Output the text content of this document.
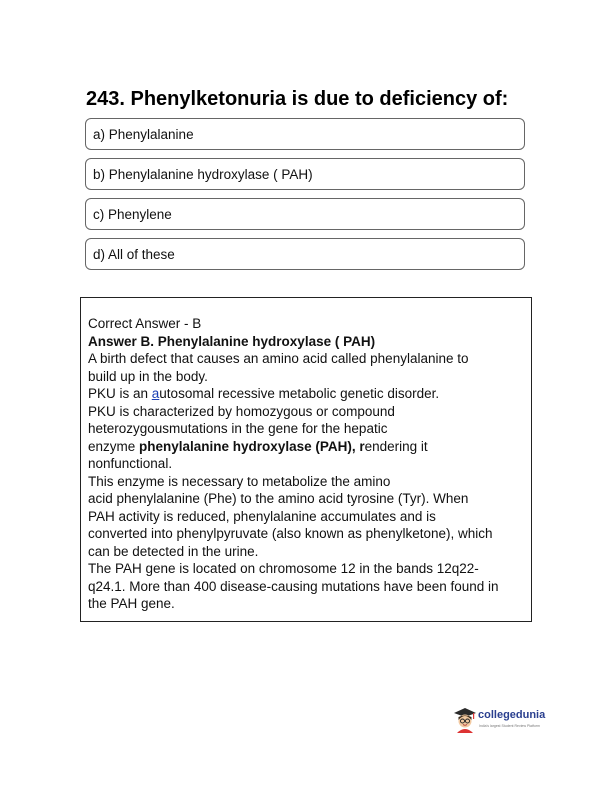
243. Phenylketonuria is due to deficiency of:
a) Phenylalanine
b) Phenylalanine hydroxylase ( PAH)
c) Phenylene
d) All of these
Correct Answer - B
Answer B. Phenylalanine hydroxylase ( PAH)
A birth defect that causes an amino acid called phenylalanine to
build up in the body.
PKU is an autosomal recessive metabolic genetic disorder.
PKU is characterized by homozygous or compound
heterozygousmutations in the gene for the hepatic
enzyme phenylalanine hydroxylase (PAH), rendering it
nonfunctional.
This enzyme is necessary to metabolize the amino
acid phenylalanine (Phe) to the amino acid tyrosine (Tyr). When
PAH activity is reduced, phenylalanine accumulates and is
converted into phenylpyruvate (also known as phenylketone), which
can be detected in the urine.
The PAH gene is located on chromosome 12 in the bands 12q22-
q24.1. More than 400 disease-causing mutations have been found in
the PAH gene.
collegedunia
India's largest Student Review Platform
